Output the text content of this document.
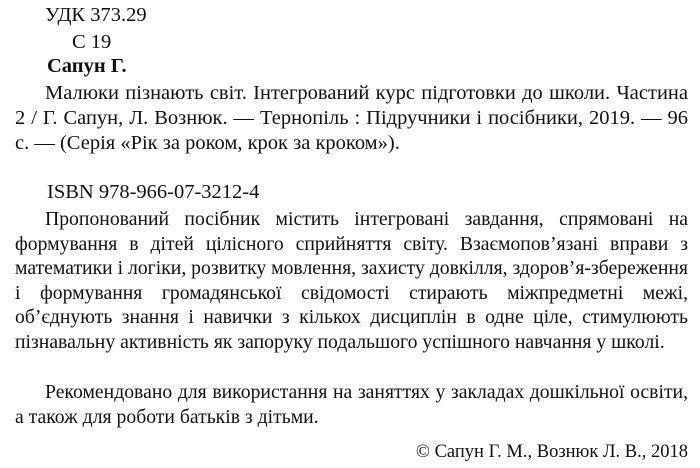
УДК 373.29
С 19
Сапун Г.
Малюки пізнають світ. Інтегрований курс підготовки до школи. Частина 2 / Г. Сапун, Л. Вознюк. — Тернопіль : Підручники і посібники, 2019. — 96 с. — (Серія «Рік за роком, крок за кроком»).
ISBN 978-966-07-3212-4
Пропонований посібник містить інтегровані завдання, спрямовані на формування в дітей цілісного сприйняття світу. Взаємопов’язані вправи з математики і логіки, розвитку мовлення, захисту довкілля, здоров’я-збереження і формування громадянської свідомості стирають міжпредметні межі, об’єднують знання і навички з кількох дисциплін в одне ціле, стимулюють пізнавальну активність як запоруку подальшого успішного навчання у школі.
Рекомендовано для використання на заняттях у закладах дошкільної освіти, а також для роботи батьків з дітьми.
© Сапун Г. М., Вознюк Л. В., 2018
